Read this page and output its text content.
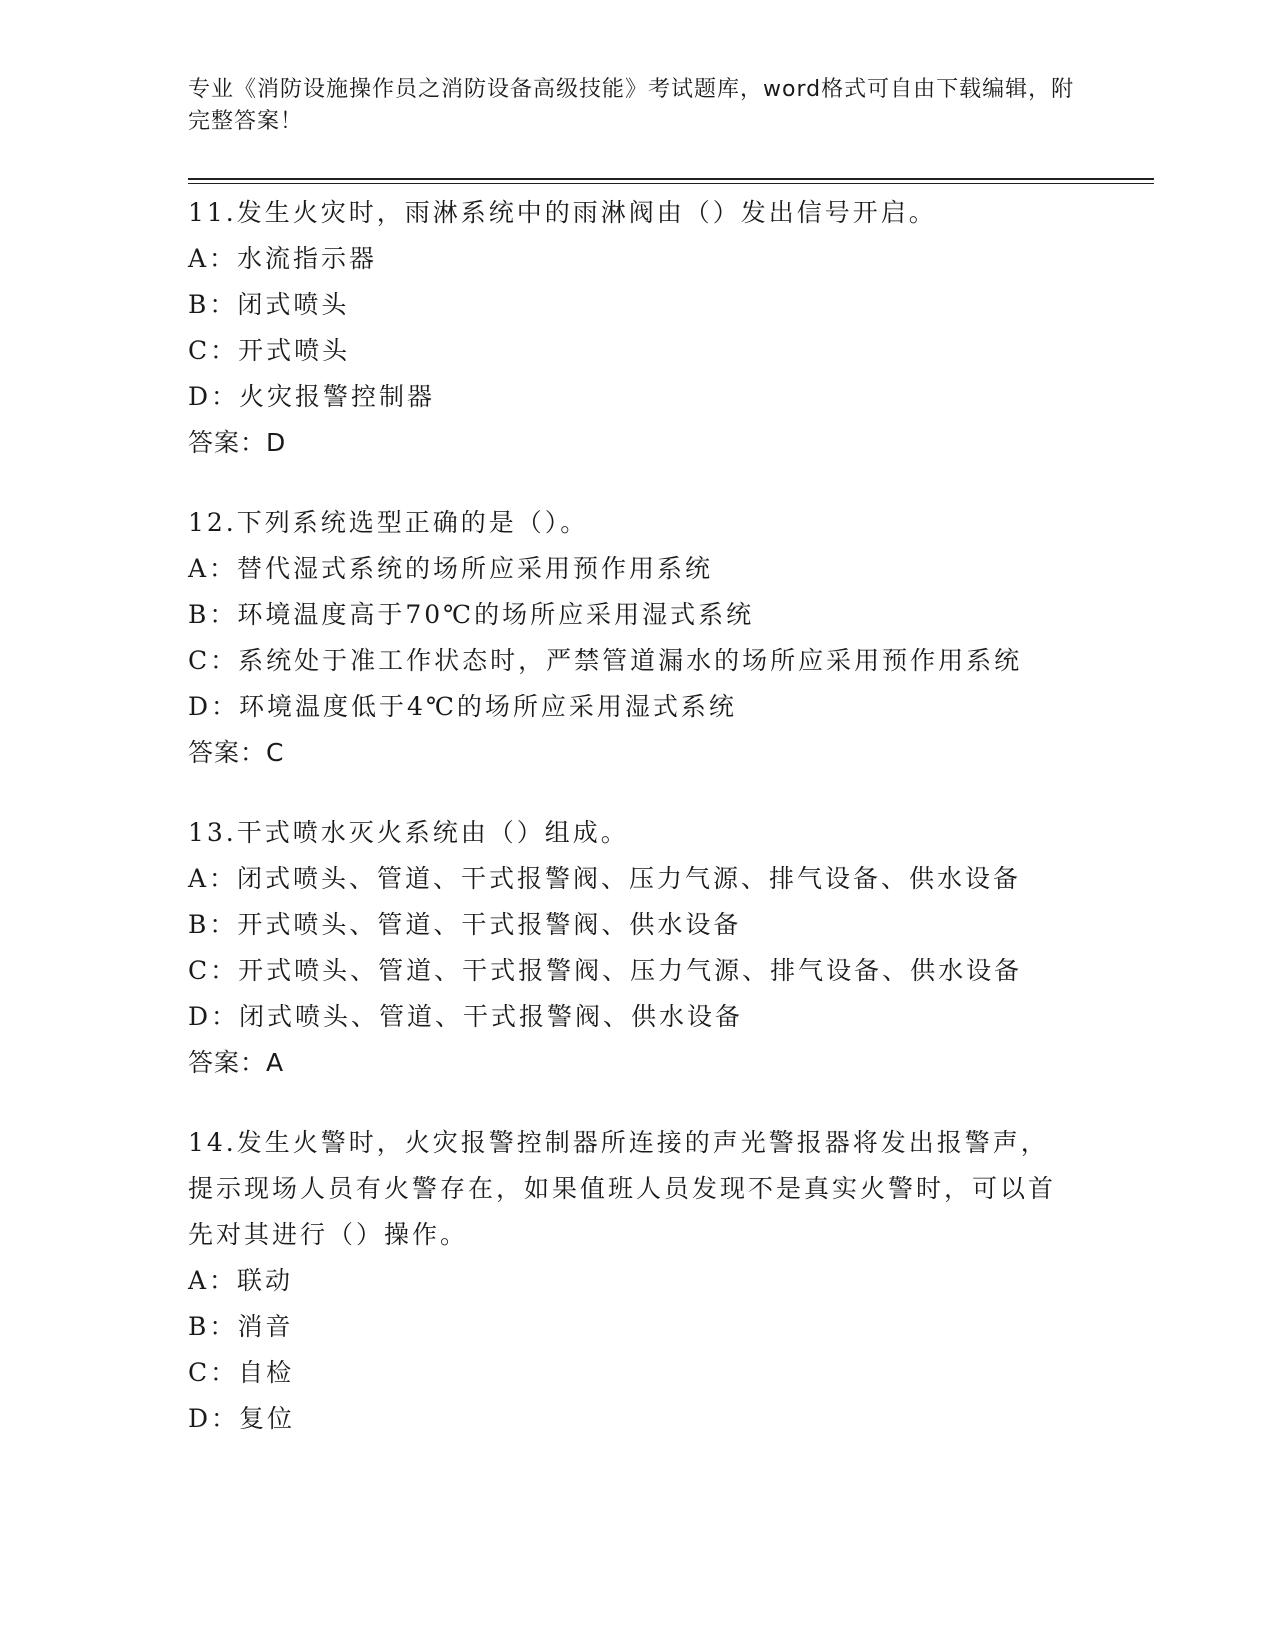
专业《消防设施操作员之消防设备高级技能》考试题库，word格式可自由下载编辑，附完整答案！
11.发生火灾时，雨淋系统中的雨淋阀由（）发出信号开启。
A：水流指示器
B：闭式喷头
C：开式喷头
D：火灾报警控制器
答案：D
12.下列系统选型正确的是（）。
A：替代湿式系统的场所应采用预作用系统
B：环境温度高于70℃的场所应采用湿式系统
C：系统处于准工作状态时，严禁管道漏水的场所应采用预作用系统
D：环境温度低于4℃的场所应采用湿式系统
答案：C
13.干式喷水灭火系统由（）组成。
A：闭式喷头、管道、干式报警阀、压力气源、排气设备、供水设备
B：开式喷头、管道、干式报警阀、供水设备
C：开式喷头、管道、干式报警阀、压力气源、排气设备、供水设备
D：闭式喷头、管道、干式报警阀、供水设备
答案：A
14.发生火警时，火灾报警控制器所连接的声光警报器将发出报警声，提示现场人员有火警存在，如果值班人员发现不是真实火警时，可以首先对其进行（）操作。
A：联动
B：消音
C：自检
D：复位
